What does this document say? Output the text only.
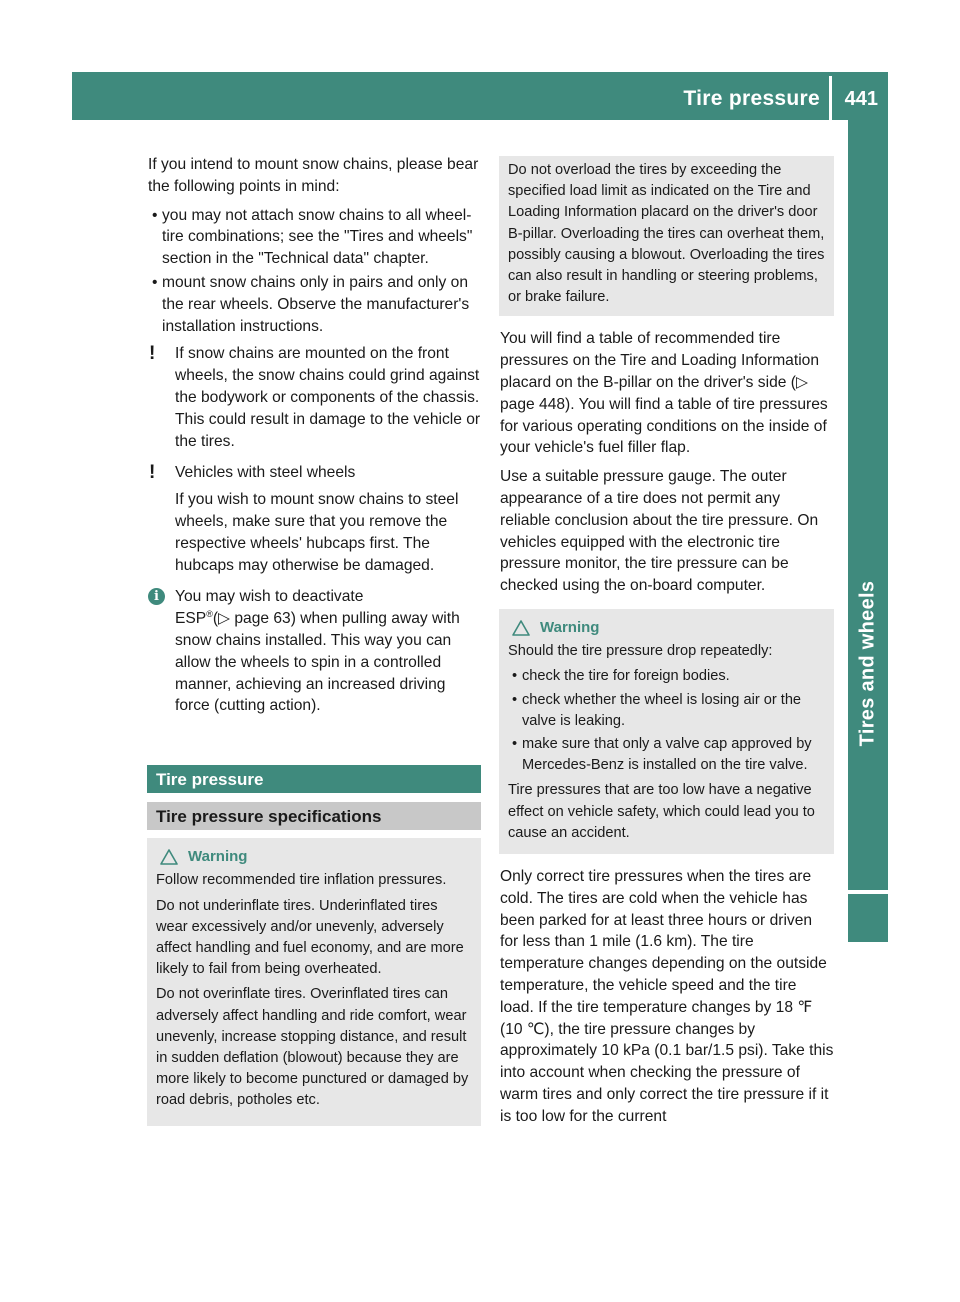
Tire pressure 441
Tires and wheels

If you intend to mount snow chains, please bear the following points in mind:

• you may not attach snow chains to all wheel-tire combinations; see the "Tires and wheels" section in the "Technical data" chapter.
• mount snow chains only in pairs and only on the rear wheels. Observe the manufacturer's installation instructions.
! If snow chains are mounted on the front wheels, the snow chains could grind against the bodywork or components of the chassis. This could result in damage to the vehicle or the tires.

! Vehicles with steel wheels

If you wish to mount snow chains to steel wheels, make sure that you remove the respective wheels' hubcaps first. The hubcaps may otherwise be damaged.

i	You may wish to deactivate

ESP®(▷ page 63) when pulling away with snow chains installed. This way you can allow the wheels to spin in a controlled manner, achieving an increased driving force (cutting action).

Tire pressure
Tire pressure specifications
Warning

Follow recommended tire inflation pressures.

Do not underinflate tires. Underinflated tires wear excessively and/or unevenly, adversely affect handling and fuel economy, and are more likely to fail from being overheated.

Do not overinflate tires. Overinflated tires can adversely affect handling and ride comfort, wear unevenly, increase stopping distance, and result in sudden deflation (blowout) because they are more likely to become punctured or damaged by road debris, potholes etc.

Do not overload the tires by exceeding the specified load limit as indicated on the Tire and Loading Information placard on the driver's door B-pillar. Overloading the tires can overheat them, possibly causing a blowout. Overloading the tires can also result in handling or steering problems, or brake failure.

You will find a table of recommended tire pressures on the Tire and Loading Information placard on the B-pillar on the driver's side (▷ page 448). You will find a table of tire pressures for various operating conditions on the inside of your vehicle's fuel filler flap.

Use a suitable pressure gauge. The outer appearance of a tire does not permit any reliable conclusion about the tire pressure. On vehicles equipped with the electronic tire pressure monitor, the tire pressure can be checked using the on-board computer.

Warning

Should the tire pressure drop repeatedly:

• check the tire for foreign bodies.
• check whether the wheel is losing air or the valve is leaking.
• make sure that only a valve cap approved by Mercedes-Benz is installed on the tire valve.

Tire pressures that are too low have a negative effect on vehicle safety, which could lead you to cause an accident.

Only correct tire pressures when the tires are cold. The tires are cold when the vehicle has been parked for at least three hours or driven for less than 1 mile (1.6 km). The tire temperature changes depending on the outside temperature, the vehicle speed and the tire load. If the tire temperature changes by 18 ℉ (10 ℃), the tire pressure changes by approximately 10 kPa (0.1 bar/1.5 psi). Take this into account when checking the pressure of warm tires and only correct the tire pressure if it is too low for the current
